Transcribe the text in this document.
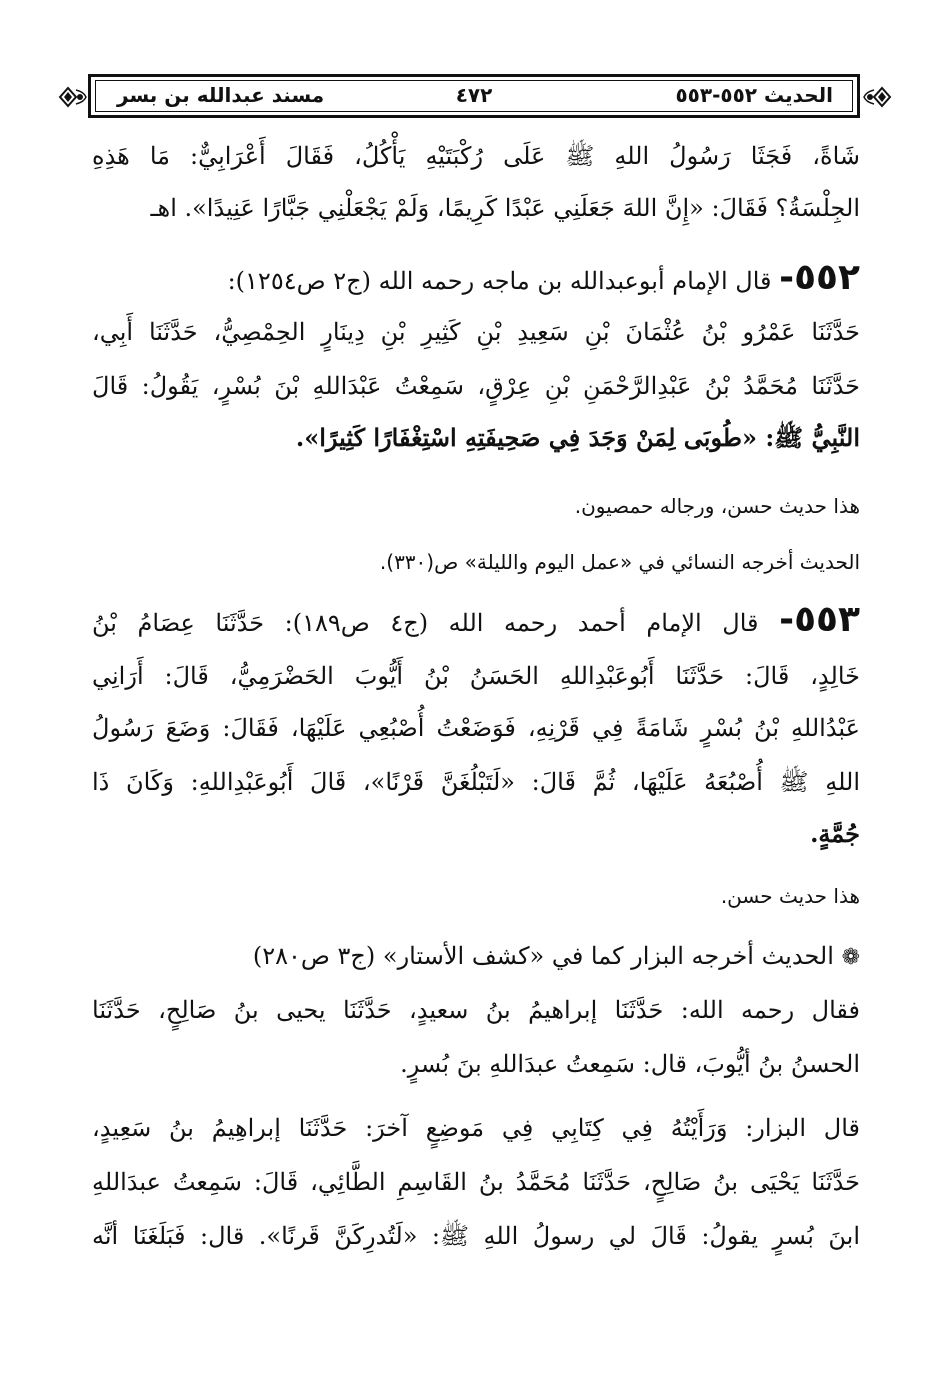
الحديث ٥٥٢-٥٥٣
٤٧٢
مسند عبدالله بن بسر
شَاةً، فَجَثَا رَسُولُ اللهِ ﷺ عَلَى رُكْبَتَيْهِ يَأْكُلُ، فَقَالَ أَعْرَابِيٌّ: مَا هَذِهِ
الجِلْسَةُ؟ فَقَالَ: «إِنَّ اللهَ جَعَلَنِي عَبْدًا كَرِيمًا، وَلَمْ يَجْعَلْنِي جَبَّارًا عَنِيدًا». اهـ
٥٥٢- قال الإمام أبوعبدالله بن ماجه رحمه الله (ج٢ ص١٢٥٤):
حَدَّثَنَا عَمْرُو بْنُ عُثْمَانَ بْنِ سَعِيدِ بْنِ كَثِيرِ بْنِ دِينَارٍ الحِمْصِيُّ، حَدَّثَنَا أَبِي،
حَدَّثَنَا مُحَمَّدُ بْنُ عَبْدِالرَّحْمَنِ بْنِ عِرْقٍ، سَمِعْتُ عَبْدَاللهِ بْنَ بُسْرٍ، يَقُولُ: قَالَ
النَّبِيُّ ﷺ: «طُوبَى لِمَنْ وَجَدَ فِي صَحِيفَتِهِ اسْتِغْفَارًا كَثِيرًا».
هذا حديث حسن، ورجاله حمصيون.
الحديث أخرجه النسائي في «عمل اليوم والليلة» ص(٣٣٠).
٥٥٣- قال الإمام أحمد رحمه الله (ج٤ ص١٨٩): حَدَّثَنَا عِصَامُ بْنُ
خَالِدٍ، قَالَ: حَدَّثَنَا أَبُوعَبْدِاللهِ الحَسَنُ بْنُ أَيُّوبَ الحَضْرَمِيُّ، قَالَ: أَرَانِي
عَبْدُاللهِ بْنُ بُسْرٍ شَامَةً فِي قَرْنِهِ، فَوَضَعْتُ أُصْبُعِي عَلَيْهَا، فَقَالَ: وَضَعَ رَسُولُ
اللهِ ﷺ أُصْبُعَهُ عَلَيْهَا، ثُمَّ قَالَ: «لَتَبْلُغَنَّ قَرْنًا»، قَالَ أَبُوعَبْدِاللهِ: وَكَانَ ذَا
جُمَّةٍ.
هذا حديث حسن.
❁ الحديث أخرجه البزار كما في «كشف الأستار» (ج٣ ص٢٨٠)
فقال رحمه الله: حَدَّثَنَا إبراهيمُ بنُ سعيدٍ، حَدَّثَنَا يحيى بنُ صَالِحٍ، حَدَّثَنَا
الحسنُ بنُ أيُّوبَ، قال: سَمِعتُ عبدَاللهِ بنَ بُسرٍ.
قال البزار: وَرَأَيْتُهُ فِي كِتَابِي فِي مَوضِعٍ آخرَ: حَدَّثَنَا إبراهِيمُ بنُ سَعِيدٍ،
حَدَّثَنَا يَحْيَى بنُ صَالِحٍ، حَدَّثَنَا مُحَمَّدُ بنُ القَاسِمِ الطَّائِي، قَالَ: سَمِعتُ عبدَاللهِ
ابنَ بُسرٍ يقولُ: قَالَ لي رسولُ اللهِ ﷺ: «لَتُدرِكَنَّ قَرنًا». قال: فَبَلَغَنَا أنَّه
